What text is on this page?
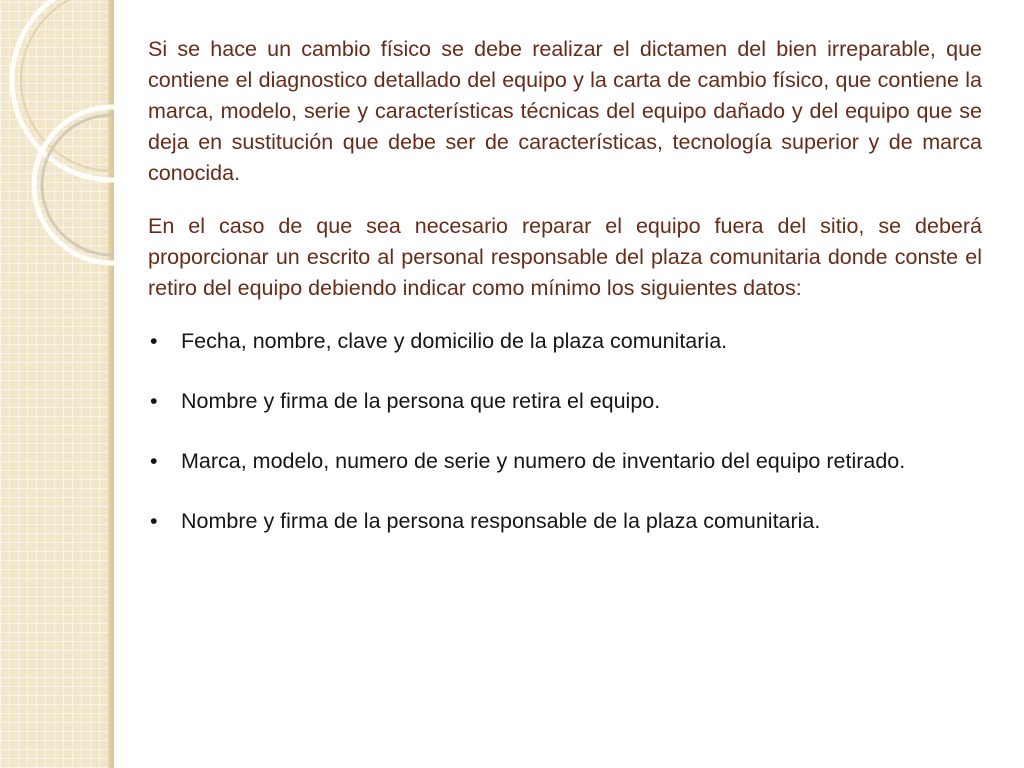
Si se hace un cambio físico se debe realizar el dictamen del bien irreparable, que contiene el diagnostico detallado del equipo y la carta de cambio físico, que contiene la marca, modelo, serie y características técnicas del equipo dañado y del equipo que se deja en sustitución que debe ser de características, tecnología superior y de marca conocida.

En el caso de que sea necesario reparar el equipo fuera del sitio, se deberá proporcionar un escrito al personal responsable del plaza comunitaria donde conste el retiro del equipo debiendo indicar como mínimo los siguientes datos:

• Fecha, nombre, clave y domicilio de la plaza comunitaria.
• Nombre y firma de la persona que retira el equipo.
• Marca, modelo, numero de serie y numero de inventario del equipo retirado.
• Nombre y firma de la persona responsable de la plaza comunitaria.
